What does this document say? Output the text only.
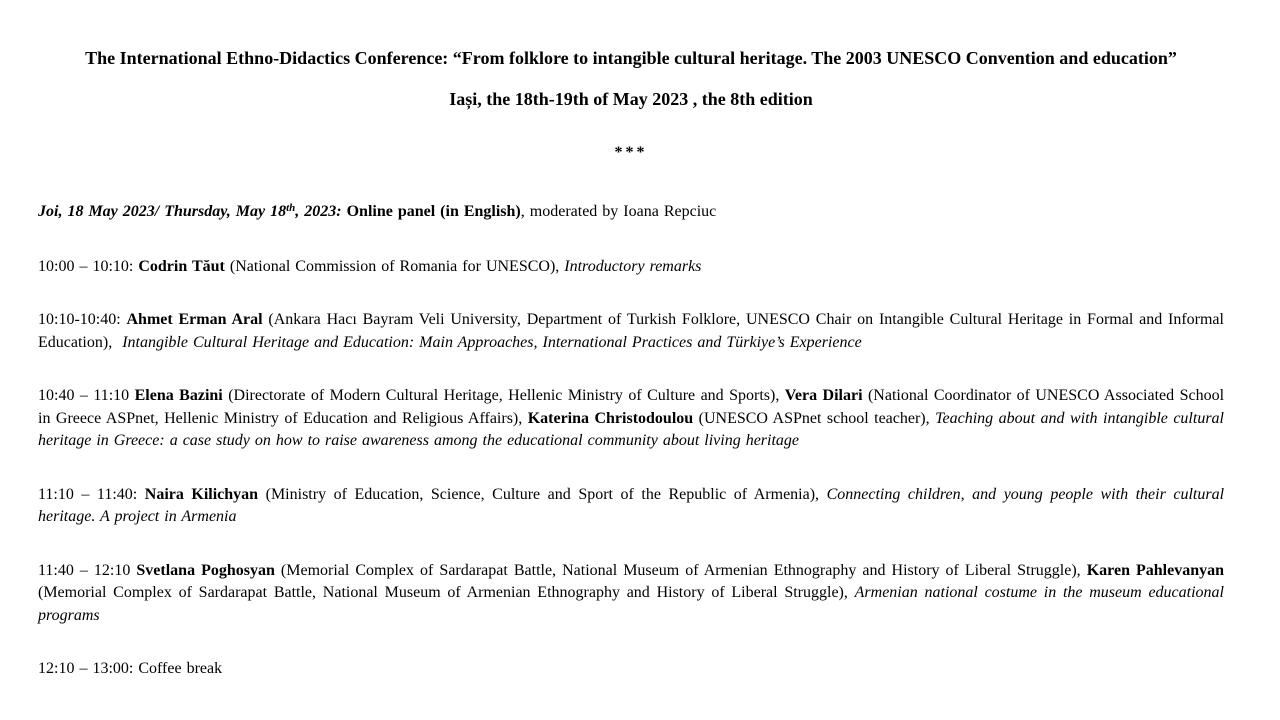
The International Ethno-Didactics Conference: “From folklore to intangible cultural heritage. The 2003 UNESCO Convention and education”
Iași, the 18th-19th of May 2023 , the 8th edition

***

Joi, 18 May 2023/ Thursday, May 18th, 2023: Online panel (in English), moderated by Ioana Repciuc

10:00 – 10:10: Codrin Tăut (National Commission of Romania for UNESCO), Introductory remarks

10:10-10:40: Ahmet Erman Aral (Ankara Hacı Bayram Veli University, Department of Turkish Folklore, UNESCO Chair on Intangible Cultural Heritage in Formal and Informal Education),  Intangible Cultural Heritage and Education: Main Approaches, International Practices and Türkiye’s Experience

10:40 – 11:10 Elena Bazini (Directorate of Modern Cultural Heritage, Hellenic Ministry of Culture and Sports), Vera Dilari (National Coordinator of UNESCO Associated School in Greece ASPnet, Hellenic Ministry of Education and Religious Affairs), Katerina Christodoulou (UNESCO ASPnet school teacher), Teaching about and with intangible cultural heritage in Greece: a case study on how to raise awareness among the educational community about living heritage

11:10 – 11:40: Naira Kilichyan (Ministry of Education, Science, Culture and Sport of the Republic of Armenia), Connecting children, and young people with their cultural heritage. A project in Armenia

11:40 – 12:10 Svetlana Poghosyan (Memorial Complex of Sardarapat Battle, National Museum of Armenian Ethnography and History of Liberal Struggle), Karen Pahlevanyan (Memorial Complex of Sardarapat Battle, National Museum of Armenian Ethnography and History of Liberal Struggle), Armenian national costume in the museum educational programs

12:10 – 13:00: Coffee break
